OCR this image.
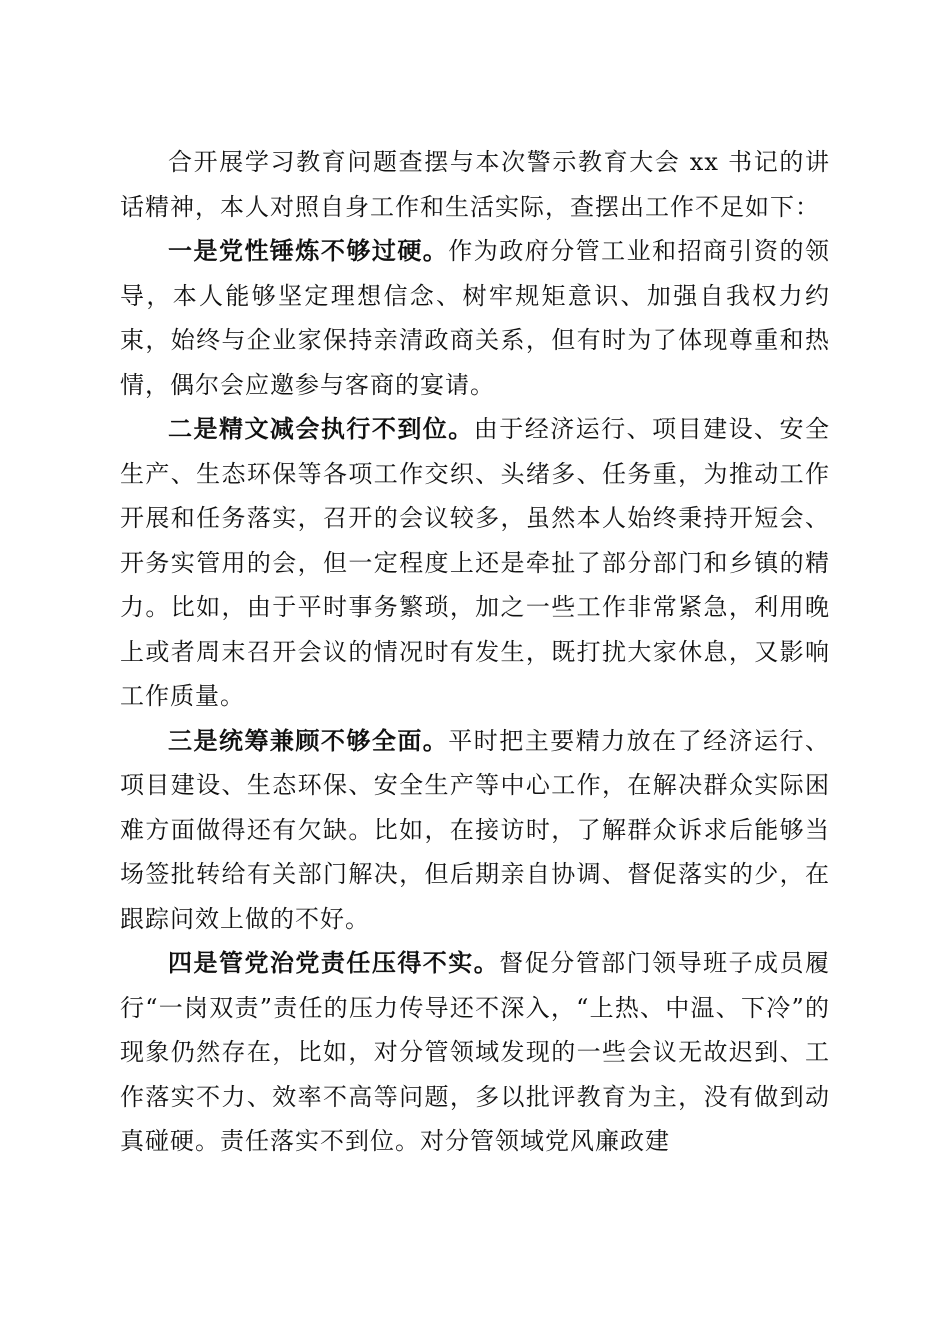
合开展学习教育问题查摆与本次警示教育大会 xx 书记的讲话精神，本人对照自身工作和生活实际，查摆出工作不足如下：

一是党性锤炼不够过硬。作为政府分管工业和招商引资的领导，本人能够坚定理想信念、树牢规矩意识、加强自我权力约束，始终与企业家保持亲清政商关系，但有时为了体现尊重和热情，偶尔会应邀参与客商的宴请。

二是精文减会执行不到位。由于经济运行、项目建设、安全生产、生态环保等各项工作交织、头绪多、任务重，为推动工作开展和任务落实，召开的会议较多，虽然本人始终秉持开短会、开务实管用的会，但一定程度上还是牵扯了部分部门和乡镇的精力。比如，由于平时事务繁琐，加之一些工作非常紧急，利用晚上或者周末召开会议的情况时有发生，既打扰大家休息，又影响工作质量。

三是统筹兼顾不够全面。平时把主要精力放在了经济运行、项目建设、生态环保、安全生产等中心工作，在解决群众实际困难方面做得还有欠缺。比如，在接访时，了解群众诉求后能够当场签批转给有关部门解决，但后期亲自协调、督促落实的少，在跟踪问效上做的不好。

四是管党治党责任压得不实。督促分管部门领导班子成员履行“一岗双责”责任的压力传导还不深入，“上热、中温、下冷”的现象仍然存在，比如，对分管领域发现的一些会议无故迟到、工作落实不力、效率不高等问题，多以批评教育为主，没有做到动真碰硬。责任落实不到位。对分管领域党风廉政建
